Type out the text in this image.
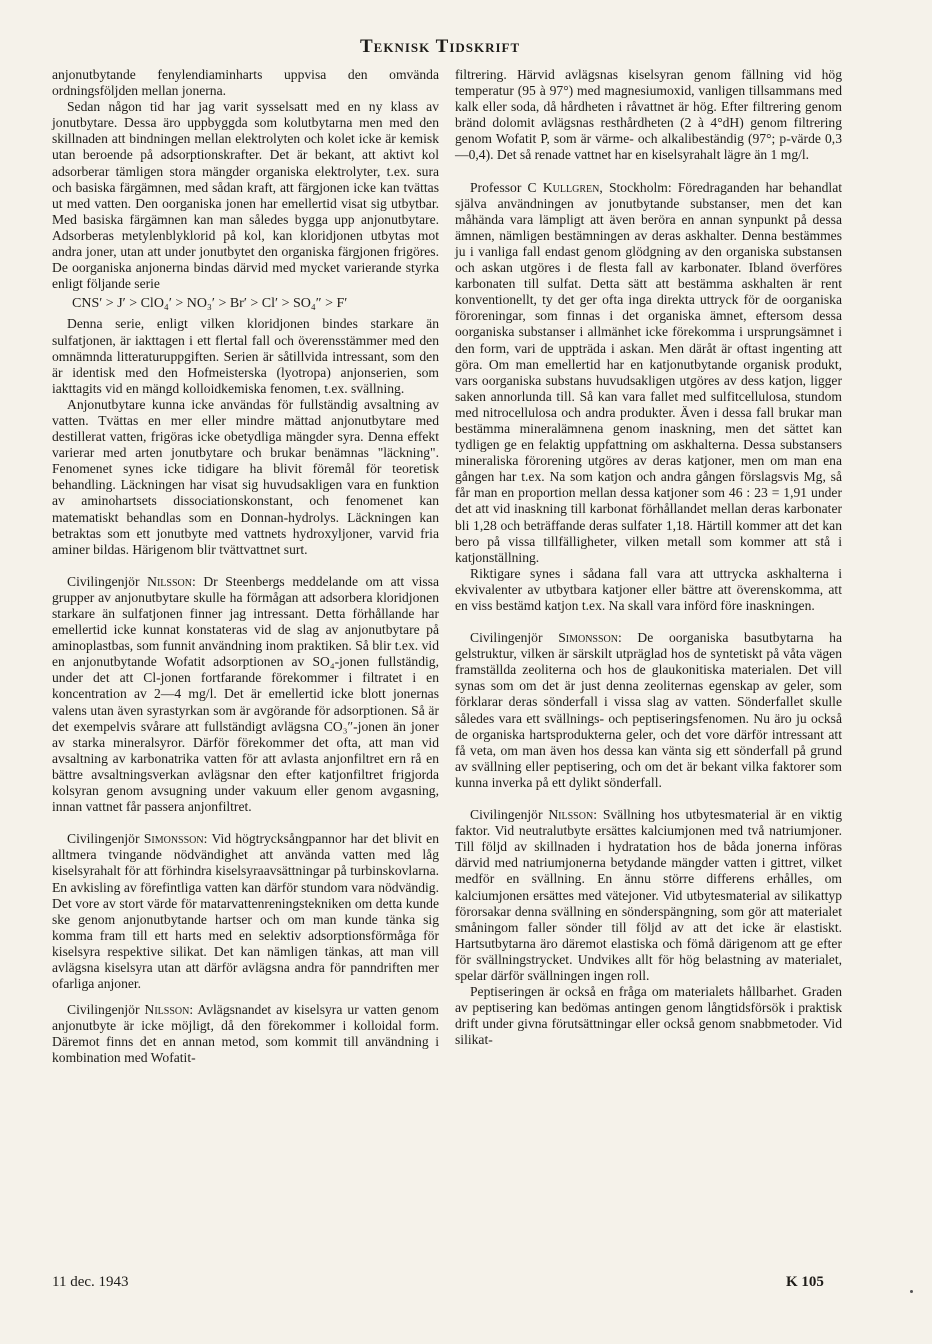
Teknisk Tidskrift

anjonutbytande fenylendiaminharts uppvisa den omvända ordningsföljden mellan jonerna.

Sedan någon tid har jag varit sysselsatt med en ny klass av jonutbytare. Dessa äro uppbyggda som kolutbytarna men med den skillnaden att bindningen mellan elektrolyten och kolet icke är kemisk utan beroende på adsorptionskrafter. Det är bekant, att aktivt kol adsorberar tämligen stora mängder organiska elektrolyter, t.ex. sura och basiska färgämnen, med sådan kraft, att färgjonen icke kan tvättas ut med vatten. Den oorganiska jonen har emellertid visat sig utbytbar. Med basiska färgämnen kan man således bygga upp anjonutbytare. Adsorberas metylenblyklorid på kol, kan kloridjonen utbytas mot andra joner, utan att under jonutbytet den organiska färgjonen frigöres. De oorganiska anjonerna bindas därvid med mycket varierande styrka enligt följande serie

CNS′ > J′ > ClO₄′ > NO₃′ > Br′ > Cl′ > SO₄″ > F′

Denna serie, enligt vilken kloridjonen bindes starkare än sulfatjonen, är iakttagen i ett flertal fall och överensstämmer med den omnämnda litteraturuppgiften. Serien är såtillvida intressant, som den är identisk med den Hofmeisterska (lyotropa) anjonserien, som iakttagits vid en mängd kolloidkemiska fenomen, t.ex. svällning.

Anjonutbytare kunna icke användas för fullständig avsaltning av vatten. Tvättas en mer eller mindre mättad anjonutbytare med destillerat vatten, frigöras icke obetydliga mängder syra. Denna effekt varierar med arten jonutbytare och brukar benämnas "läckning". Fenomenet synes icke tidigare ha blivit föremål för teoretisk behandling. Läckningen har visat sig huvudsakligen vara en funktion av aminohartsets dissociationskonstant, och fenomenet kan matematiskt behandlas som en Donnan-hydrolys. Läckningen kan betraktas som ett jonutbyte med vattnets hydroxyljoner, varvid fria aminer bildas. Härigenom blir tvättvattnet surt.

Civilingenjör Nilsson: Dr Steenbergs meddelande om att vissa grupper av anjonutbytare skulle ha förmågan att adsorbera kloridjonen starkare än sulfatjonen finner jag intressant. Detta förhållande har emellertid icke kunnat konstateras vid de slag av anjonutbytare på aminoplastbas, som funnit användning inom praktiken. Så blir t.ex. vid en anjonutbytande Wofatit adsorptionen av SO₄-jonen fullständig, under det att Cl-jonen fortfarande förekommer i filtratet i en koncentration av 2—4 mg/l. Det är emellertid icke blott jonernas valens utan även syrastyrkan som är avgörande för adsorptionen. Så är det exempelvis svårare att fullständigt avlägsna CO₃″-jonen än joner av starka mineralsyror. Därför förekommer det ofta, att man vid avsaltning av karbonatrika vatten för att avlasta anjonfiltret ern rå en bättre avsaltningsverkan avlägsnar den efter katjonfiltret frigjorda kolsyran genom avsugning under vakuum eller genom avgasning, innan vattnet får passera anjonfiltret.

Civilingenjör Simonsson: Vid högtrycksångpannor har det blivit en alltmera tvingande nödvändighet att använda vatten med låg kiselsyrahalt för att förhindra kiselsyraavsättningar på turbinskovlarna. En avkisling av förefintliga vatten kan därför stundom vara nödvändig. Det vore av stort värde för matarvattenreningstekniken om detta kunde ske genom anjonutbytande hartser och om man kunde tänka sig komma fram till ett harts med en selektiv adsorptionsförmåga för kiselsyra respektive silikat. Det kan nämligen tänkas, att man vill avlägsna kiselsyra utan att därför avlägsna andra för panndriften mer ofarliga anjoner.

Civilingenjör Nilsson: Avlägsnandet av kiselsyra ur vatten genom anjonutbyte är icke möjligt, då den förekommer i kolloidal form. Däremot finns det en annan metod, som kommit till användning i kombination med Wofatit-

filtrering. Härvid avlägsnas kiselsyran genom fällning vid hög temperatur (95 à 97°) med magnesiumoxid, vanligen tillsammans med kalk eller soda, då hårdheten i råvattnet är hög. Efter filtrering genom bränd dolomit avlägsnas resthårdheten (2 à 4°dH) genom filtrering genom Wofatit P, som är värme- och alkalibeständig (97°; p-värde 0,3—0,4). Det så renade vattnet har en kiselsyrahalt lägre än 1 mg/l.

Professor C Kullgren, Stockholm: Föredraganden har behandlat själva användningen av jonutbytande substanser, men det kan måhända vara lämpligt att även beröra en annan synpunkt på dessa ämnen, nämligen bestämningen av deras askhalter. Denna bestämmes ju i vanliga fall endast genom glödgning av den organiska substansen och askan utgöres i de flesta fall av karbonater. Ibland överföres karbonaten till sulfat. Detta sätt att bestämma askhalten är rent konventionellt, ty det ger ofta inga direkta uttryck för de oorganiska föroreningar, som finnas i det organiska ämnet, eftersom dessa oorganiska substanser i allmänhet icke förekomma i ursprungsämnet i den form, vari de uppträda i askan. Men däråt är oftast ingenting att göra. Om man emellertid har en katjonutbytande organisk produkt, vars oorganiska substans huvudsakligen utgöres av dess katjon, ligger saken annorlunda till. Så kan vara fallet med sulfitcellulosa, stundom med nitrocellulosa och andra produkter. Även i dessa fall brukar man bestämma mineralämnena genom inaskning, men det sättet kan tydligen ge en felaktig uppfattning om askhalterna. Dessa substansers mineraliska förorening utgöres av deras katjoner, men om man ena gången har t.ex. Na som katjon och andra gången förslagsvis Mg, så får man en proportion mellan dessa katjoner som 46 : 23 = 1,91 under det att vid inaskning till karbonat förhållandet mellan deras karbonater bli 1,28 och beträffande deras sulfater 1,18. Härtill kommer att det kan bero på vissa tillfälligheter, vilken metall som kommer att stå i katjonställning.

Riktigare synes i sådana fall vara att uttrycka askhalterna i ekvivalenter av utbytbara katjoner eller bättre att överenskomma, att en viss bestämd katjon t.ex. Na skall vara införd före inaskningen.

Civilingenjör Simonsson: De oorganiska basutbytarna ha gelstruktur, vilken är särskilt utpräglad hos de syntetiskt på våta vägen framställda zeoliterna och hos de glaukonitiska materialen. Det vill synas som om det är just denna zeoliternas egenskap av geler, som förklarar deras sönderfall i vissa slag av vatten. Sönderfallet skulle således vara ett svällnings- och peptiseringsfenomen. Nu äro ju också de organiska hartsprodukterna geler, och det vore därför intressant att få veta, om man även hos dessa kan vänta sig ett sönderfall på grund av svällning eller peptisering, och om det är bekant vilka faktorer som kunna inverka på ett dylikt sönderfall.

Civilingenjör Nilsson: Svällning hos utbytesmaterial är en viktig faktor. Vid neutralutbyte ersättes kalciumjonen med två natriumjoner. Till följd av skillnaden i hydratation hos de båda jonerna införas därvid med natriumjonerna betydande mängder vatten i gittret, vilket medför en svällning. En ännu större differens erhålles, om kalciumjonen ersättes med vätejoner. Vid utbytesmaterial av silikattyp förorsakar denna svällning en sönderspängning, som gör att materialet småningom faller sönder till följd av att det icke är elastiskt. Hartsutbytarna äro däremot elastiska och fömå därigenom att ge efter för svällningstrycket. Undvikes allt för hög belastning av materialet, spelar därför svällningen ingen roll.

Peptiseringen är också en fråga om materialets hållbarhet. Graden av peptisering kan bedömas antingen genom långtidsförsök i praktisk drift under givna förutsättningar eller också genom snabbmetoder. Vid silikat-

11 dec. 1943	K 105
